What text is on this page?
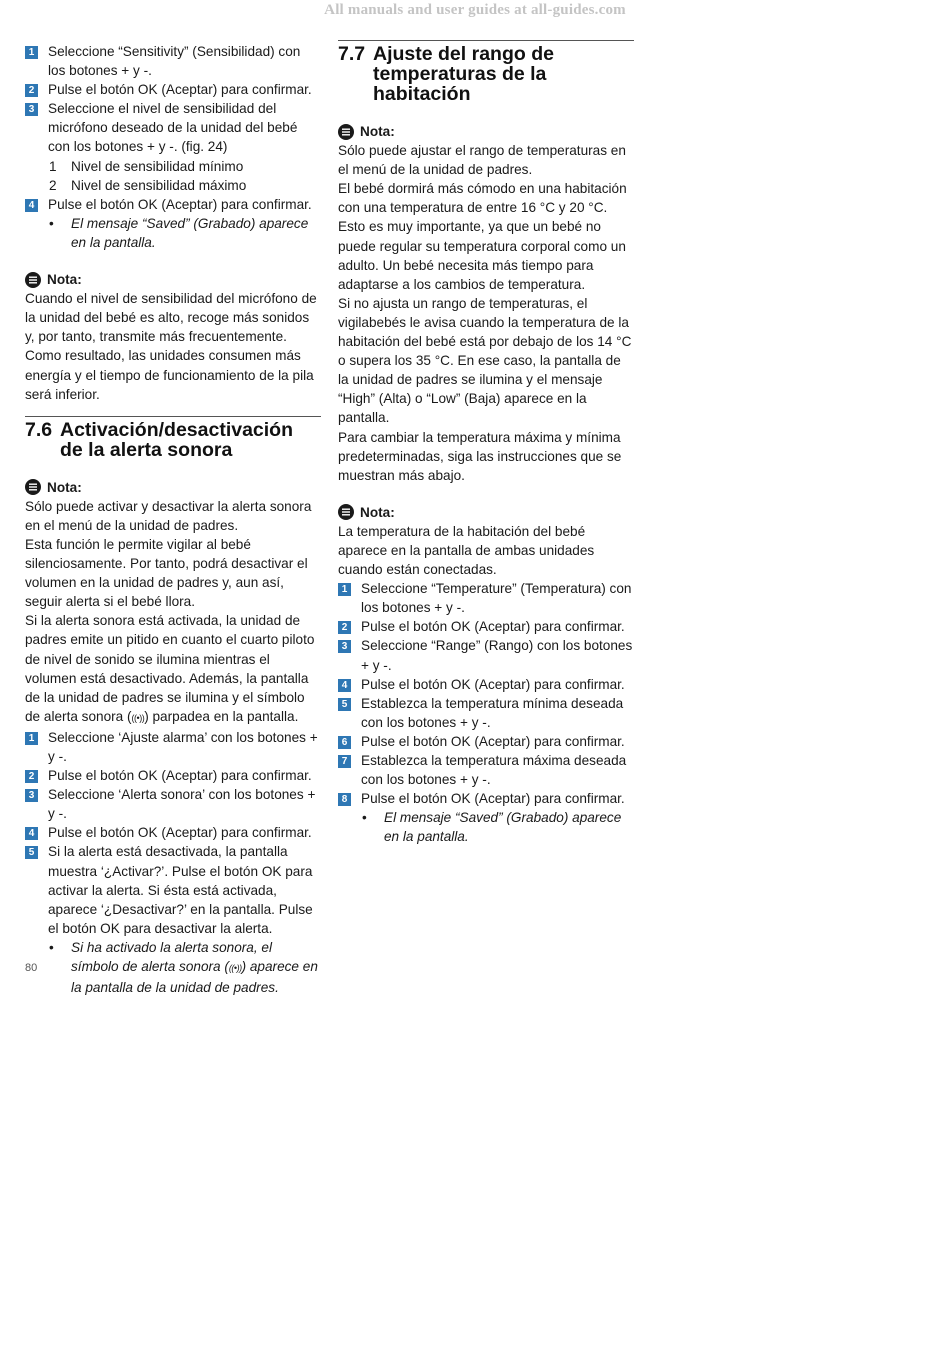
All manuals and user guides at all-guides.com
1 Seleccione “Sensitivity” (Sensibilidad) con los botones + y -.
2 Pulse el botón OK (Aceptar) para confirmar.
3 Seleccione el nivel de sensibilidad del micrófono deseado de la unidad del bebé con los botones + y -. (fig. 24)
1 Nivel de sensibilidad mínimo
2 Nivel de sensibilidad máximo
4 Pulse el botón OK (Aceptar) para confirmar.
• El mensaje “Saved” (Grabado) aparece en la pantalla.
Nota:

Cuando el nivel de sensibilidad del micrófono de la unidad del bebé es alto, recoge más sonidos y, por tanto, transmite más frecuentemente. Como resultado, las unidades consumen más energía y el tiempo de funcionamiento de la pila será inferior.

7.6 Activación/desactivación de la alerta sonora
Nota:

Sólo puede activar y desactivar la alerta sonora en el menú de la unidad de padres.

Esta función le permite vigilar al bebé silenciosamente. Por tanto, podrá desactivar el volumen en la unidad de padres y, aun así, seguir alerta si el bebé llora.

Si la alerta sonora está activada, la unidad de padres emite un pitido en cuanto el cuarto piloto de nivel de sonido se ilumina mientras el volumen está desactivado. Además, la pantalla de la unidad de padres se ilumina y el símbolo de alerta sonora (((•))) parpadea en la pantalla.

1 Seleccione ‘Ajuste alarma’ con los botones + y -.
2 Pulse el botón OK (Aceptar) para confirmar.
3 Seleccione ‘Alerta sonora’ con los botones + y -.
4 Pulse el botón OK (Aceptar) para confirmar.
5 Si la alerta está desactivada, la pantalla muestra ‘¿Activar?’. Pulse el botón OK para activar la alerta. Si ésta está activada, aparece ‘¿Desactivar?’ en la pantalla. Pulse el botón OK para desactivar la alerta.
• Si ha activado la alerta sonora, el símbolo de alerta sonora (((•))) aparece en la pantalla de la unidad de padres.
7.7 Ajuste del rango de temperaturas de la habitación
Nota:

Sólo puede ajustar el rango de temperaturas en el menú de la unidad de padres.

El bebé dormirá más cómodo en una habitación con una temperatura de entre 16 °C y 20 °C. Esto es muy importante, ya que un bebé no puede regular su temperatura corporal como un adulto. Un bebé necesita más tiempo para adaptarse a los cambios de temperatura.

Si no ajusta un rango de temperaturas, el vigilabebés le avisa cuando la temperatura de la habitación del bebé está por debajo de los 14 °C o supera los 35 °C. En ese caso, la pantalla de la unidad de padres se ilumina y el mensaje “High” (Alta) o “Low” (Baja) aparece en la pantalla.

Para cambiar la temperatura máxima y mínima predeterminadas, siga las instrucciones que se muestran más abajo.

Nota:

La temperatura de la habitación del bebé aparece en la pantalla de ambas unidades cuando están conectadas.

1 Seleccione “Temperature” (Temperatura) con los botones + y -.
2 Pulse el botón OK (Aceptar) para confirmar.
3 Seleccione “Range” (Rango) con los botones + y -.
4 Pulse el botón OK (Aceptar) para confirmar.
5 Establezca la temperatura mínima deseada con los botones + y -.
6 Pulse el botón OK (Aceptar) para confirmar.
7 Establezca la temperatura máxima deseada con los botones + y -.
8 Pulse el botón OK (Aceptar) para confirmar.
• El mensaje “Saved” (Grabado) aparece en la pantalla.
80
